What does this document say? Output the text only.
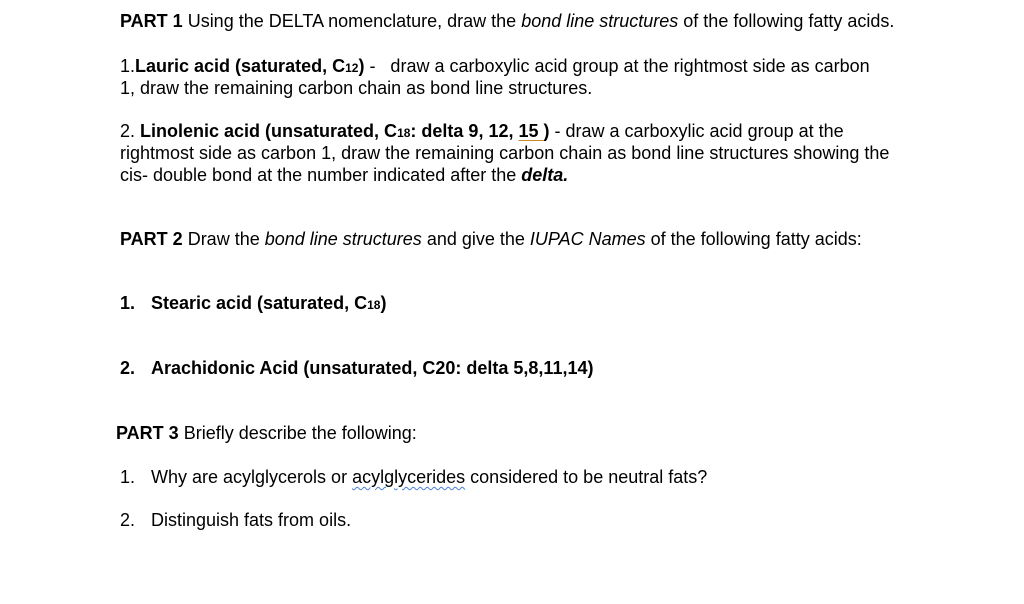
PART 1 Using the DELTA nomenclature, draw the bond line structures of the following fatty acids.
1.Lauric acid (saturated, C12) -   draw a carboxylic acid group at the rightmost side as carbon
1, draw the remaining carbon chain as bond line structures.
2. Linolenic acid (unsaturated, C18: delta 9, 12, 15 ) - draw a carboxylic acid group at the
rightmost side as carbon 1, draw the remaining carbon chain as bond line structures showing the
cis- double bond at the number indicated after the delta.
PART 2 Draw the bond line structures and give the IUPAC Names of the following fatty acids:
1. Stearic acid (saturated, C18)
2. Arachidonic Acid (unsaturated, C20: delta 5,8,11,14)
PART 3 Briefly describe the following:
1. Why are acylglycerols or acylglycerides considered to be neutral fats?
2. Distinguish fats from oils.
